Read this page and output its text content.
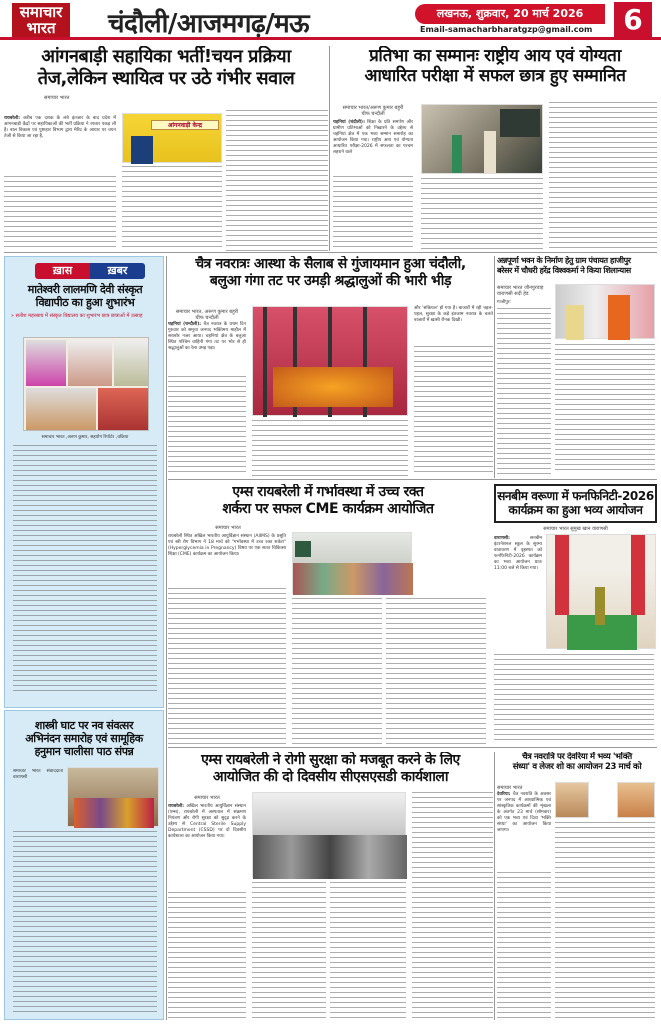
समाचार
भारत	चंदौली/आजमगढ़/मऊ	लखनऊ, शुक्रवार, 20 मार्च 2026
Email-samacharbharatgzp@gmail.com	6
आंगनबाड़ी सहायिका भर्ती!चयन प्रक्रिया
तेज,लेकिन स्थायित्व पर उठे गंभीर सवाल
समाचार भारत
रायबरेली: करीब एक दशक के लंबे इंतजार के बाद प्रदेश में आंगनबाड़ी केंद्रों पर सहायिकाओं की भर्ती प्रक्रिया ने रफ्तार पकड़ ली है। बाल विकास एवं पुष्टाहार विभाग द्वारा मेरिट के आधार पर चयन तेजी से किया जा रहा है,
आंगनवाड़ी केन्द्र
प्रतिभा का सम्मानः राष्ट्रीय आय एवं योग्यता
आधारित परीक्षा में सफल छात्र हुए सम्मानित
समाचार भारत/अरूण कुमार बहुरी
चीफ चन्दौली
चहनियां (चंदौली)। शिक्षा के प्रति समर्पण और ग्रामीण प्रतिभाओं को निखारने के उद्देश्य से चहनियां क्षेत्र में एक भव्य सम्मान समारोह का आयोजन किया गया। राष्ट्रीय आय एवं योग्यता आधारित परीक्षा-2026 में सफलता का परचम लहराने वाले
ख़ास	ख़बर
मातेश्वरी लालमणि देवी संस्कृत
विद्यापीठ का हुआ शुभारंभ
» सतीश महरसाय में संस्कृत विद्यालय का शुभारंभ छात्र छात्राओं में उत्साह
समाचार भारत ,अरुण कुमार, सहयोग रिपोर्टर ,चकिया
चैत्र नवरात्रः आस्था के सैलाब से गुंजायमान हुआ चंदौली,
बलुआ गंगा तट पर उमड़ी श्रद्धालुओं की भारी भीड़
समाचार भारत, अरूण कुमार बहुरी
चीफ चन्दौली
चहनियां (चन्दौली): चैत्र नवरात्र के प्रथम दिन गुरुवार को समूचा जनपद भक्तिमय माहौल में सराबोर नजर आया। चहनियां क्षेत्र के बलुआ स्थित पश्चिम वाहिनी गंगा तट पर भोर से ही श्रद्धालुओं का रेला उमड़ पड़ा।
और 'सकियल' हो गया है। बाजारों में रही चहल-पहल, सुरक्षा के कड़े इंतजाम नवरात्र के चलते बाजारों में खासी रौनक दिखी।
अन्नपूर्णा भवन के निर्माण हेतु ग्राम पंचायत हाजीपुर
बरेसर में चौधरी हरेंद्र विश्वकर्मा ने किया शिलान्यास
समाचार भारत जौनपुरवाह
वाराणसी सदी हेड
गाजीपुर:
एम्स रायबरेली में गर्भावस्था में उच्च रक्त
शर्करा पर सफल CME कार्यक्रम आयोजित
समाचार भारत
रायबरेली स्थित अखिल भारतीय आयुर्विज्ञान संस्थान (AIIMS) के प्रसूति एवं स्त्री रोग विभाग ने 18 मार्च को "गर्भावस्था में उच्च रक्त शर्करा" (Hyperglycemia in Pregnancy) विषय पर एक सतत चिकित्सा शिक्षा (CME) कार्यक्रम का आयोजन किया।
सनबीम वरूणा में फनफिनिटी-2026
कार्यक्रम का हुआ भव्य आयोजन
समाचार भारत सुमुख खान वाराणसी
वाराणसी:	सनबीम इंटरनेशनल स्कूल के सुरम्य वातावरण में वृहस्पत को फनफिनिटी-2026 कार्यक्रम का भव्य आयोजन प्रातः 11:00 बजे से किया गया।
शास्त्री घाट पर नव संवत्सर
अभिनंदन समारोह एवं सामूहिक
हनुमान चालीसा पाठ संपन्न
समाचार भारत संवाददाता वाराणसी
एम्स रायबरेली ने रोगी सुरक्षा को मजबूत करने के लिए
आयोजित की दो दिवसीय सीएसएसडी कार्यशाला
समाचार भारत
रायबरेली: अखिल भारतीय आयुर्विज्ञान संस्थान (एम्स), रायबरेली में अस्पताल में संक्रमण नियंत्रण और रोगी सुरक्षा को सुदृढ़ करने के उद्देश्य से Central Sterile Supply Department (CSSD) पर दो दिवसीय कार्यशाला का आयोजन किया गया।
चैत्र नवरात्रि पर देवरिया में भव्य 'भक्ति
संध्या' व लेजर शो का आयोजन 23 मार्च को
समाचार भारत
देवरिया: चैत्र नवरात्रि के अवसर पर जनपद में आध्यात्मिक एवं सांस्कृतिक कार्यक्रमों की शृंखला के अंतर्गत 23 मार्च (सोमवार) को एक भव्य एवं दिव्य 'भक्ति संध्या' का आयोजन किया जाएगा।
